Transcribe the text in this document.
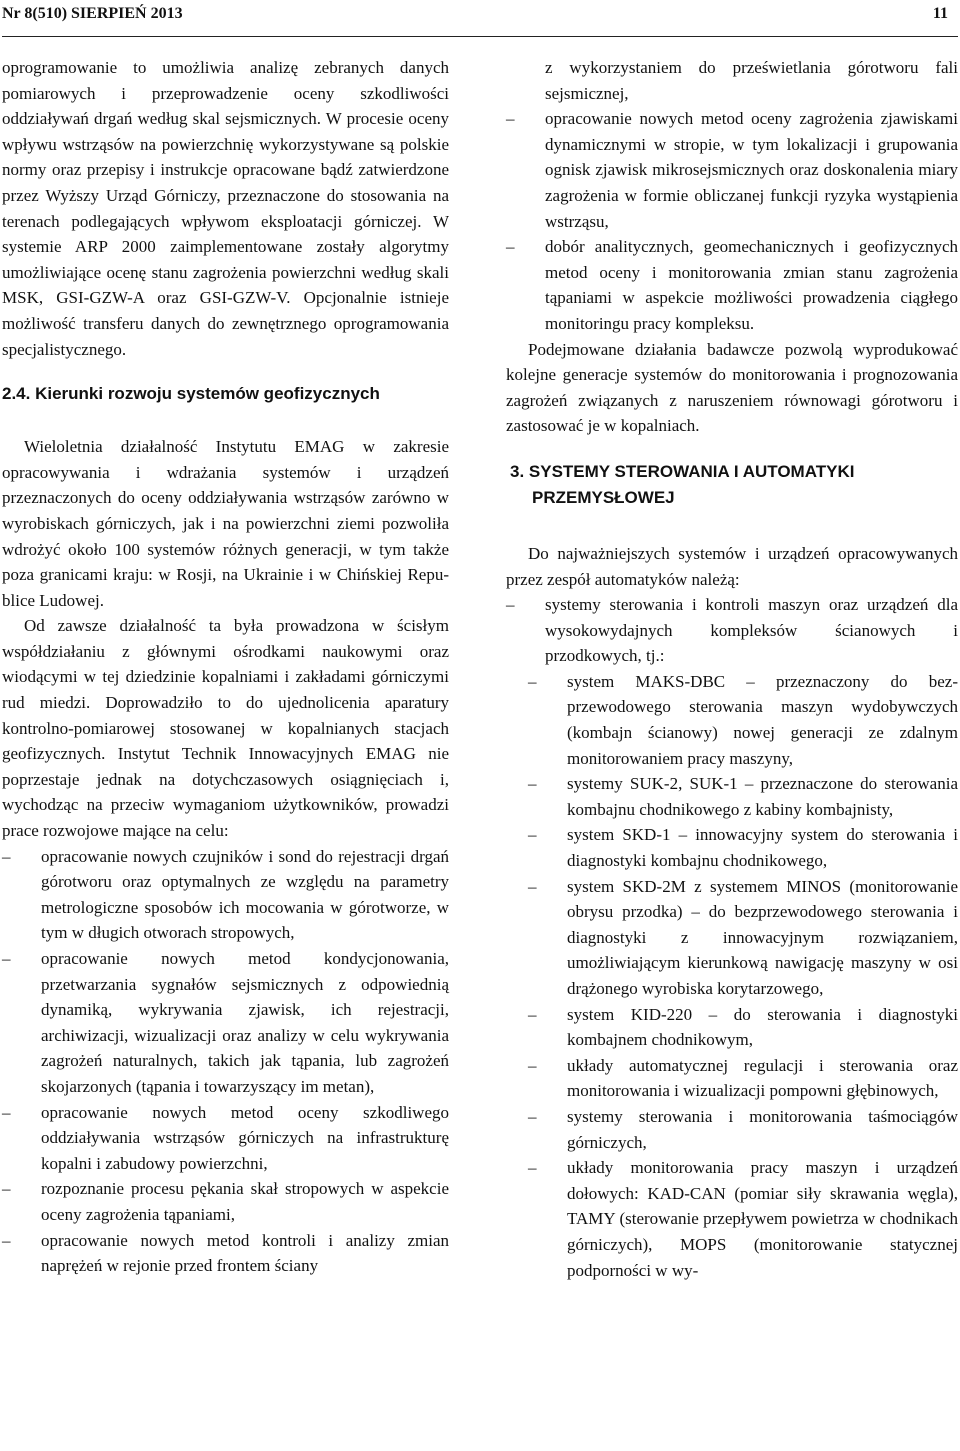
Nr 8(510) SIERPIEŃ 2013	11

oprogramowanie to umożliwia analizę zebranych danych pomiarowych i przeprowadzenie oceny szkodliwości oddziaływań drgań według skal sejsmicznych. W procesie oceny wpływu wstrząsów na powierzchnię wykorzystywane są polskie normy oraz przepisy i instrukcje opracowane bądź zatwierdzone przez Wyższy Urząd Górniczy, przeznaczone do stosowania na terenach podlegających wpływom eksploatacji górniczej. W systemie ARP 2000 zaimplementowane zostały algorytmy umożliwiające ocenę stanu zagrożenia powierzchni według skali MSK, GSI-GZW-A oraz GSI-GZW-V. Opcjonalnie istnieje możliwość transferu danych do zewnętrznego oprogramowania specjalistycznego.

2.4. Kierunki rozwoju systemów geofizycznych

Wieloletnia działalność Instytutu EMAG w zakresie opracowywania i wdrażania systemów i urządzeń przeznaczonych do oceny oddziaływania wstrząsów zarówno w wyrobiskach górniczych, jak i na powierzchni ziemi pozwoliła wdrożyć około 100 systemów różnych generacji, w tym także poza granicami kraju: w Rosji, na Ukrainie i w Chińskiej Republice Ludowej.

Od zawsze działalność ta była prowadzona w ścisłym współdziałaniu z głównymi ośrodkami naukowymi oraz wiodącymi w tej dziedzinie kopalniami i zakładami górniczymi rud miedzi. Doprowadziło to do ujednolicenia aparatury kontrolno-pomiarowej stosowanej w kopalnianych stacjach geofizycznych. Instytut Technik Innowacyjnych EMAG nie poprzestaje jednak na dotychczasowych osiągnięciach i, wychodząc na przeciw wymaganiom użytkowników, prowadzi prace rozwojowe mające na celu:

– opracowanie nowych czujników i sond do rejestracji drgań górotworu oraz optymalnych ze względu na parametry metrologiczne sposobów ich mocowania w górotworze, w tym w długich otworach stropowych,
– opracowanie nowych metod kondycjonowania, przetwarzania sygnałów sejsmicznych z odpowiednią dynamiką, wykrywania zjawisk, ich rejestracji, archiwizacji, wizualizacji oraz analizy w celu wykrywania zagrożeń naturalnych, takich jak tąpania, lub zagrożeń skojarzonych (tąpania i towarzyszący im metan),
– opracowanie nowych metod oceny szkodliwego oddziaływania wstrząsów górniczych na infrastrukturę kopalni i zabudowy powierzchni,
– rozpoznanie procesu pękania skał stropowych w aspekcie oceny zagrożenia tąpaniami,
– opracowanie nowych metod kontroli i analizy zmian naprężeń w rejonie przed frontem ściany

z wykorzystaniem do prześwietlania górotworu fali sejsmicznej,

– opracowanie nowych metod oceny zagrożenia zjawiskami dynamicznymi w stropie, w tym lokalizacji i grupowania ognisk zjawisk mikrosejsmicznych oraz doskonalenia miary zagrożenia w formie obliczanej funkcji ryzyka wystąpienia wstrząsu,
– dobór analitycznych, geomechanicznych i geofizycznych metod oceny i monitorowania zmian stanu zagrożenia tąpaniami w aspekcie możliwości prowadzenia ciągłego monitoringu pracy kompleksu.

Podejmowane działania badawcze pozwolą wyprodukować kolejne generacje systemów do monitorowania i prognozowania zagrożeń związanych z naruszeniem równowagi górotworu i zastosować je w kopalniach.

3. SYSTEMY STEROWANIA I AUTOMATYKI
PRZEMYSŁOWEJ

Do najważniejszych systemów i urządzeń opracowywanych przez zespół automatyków należą:

– systemy sterowania i kontroli maszyn oraz urządzeń dla wysokowydajnych kompleksów ścianowych i przodkowych, tj.:
– system MAKS-DBC – przeznaczony do bezprzewodowego sterowania maszyn wydobywczych (kombajn ścianowy) nowej generacji ze zdalnym monitorowaniem pracy maszyny,
– systemy SUK-2, SUK-1 – przeznaczone do sterowania kombajnu chodnikowego z kabiny kombajnisty,
– system SKD-1 – innowacyjny system do sterowania i diagnostyki kombajnu chodnikowego,
– system SKD-2M z systemem MINOS (monitorowanie obrysu przodka) – do bezprzewodowego sterowania i diagnostyki z innowacyjnym rozwiązaniem, umożliwiającym kierunkową nawigację maszyny w osi drążonego wyrobiska korytarzowego,
– system KID-220 – do sterowania i diagnostyki kombajnem chodnikowym,
– układy automatycznej regulacji i sterowania oraz monitorowania i wizualizacji pompowni głębinowych,
– systemy sterowania i monitorowania taśmociągów górniczych,
– układy monitorowania pracy maszyn i urządzeń dołowych: KAD-CAN (pomiar siły skrawania węgla), TAMY (sterowanie przepływem powietrza w chodnikach górniczych), MOPS (monitorowanie statycznej podporności w wy-
